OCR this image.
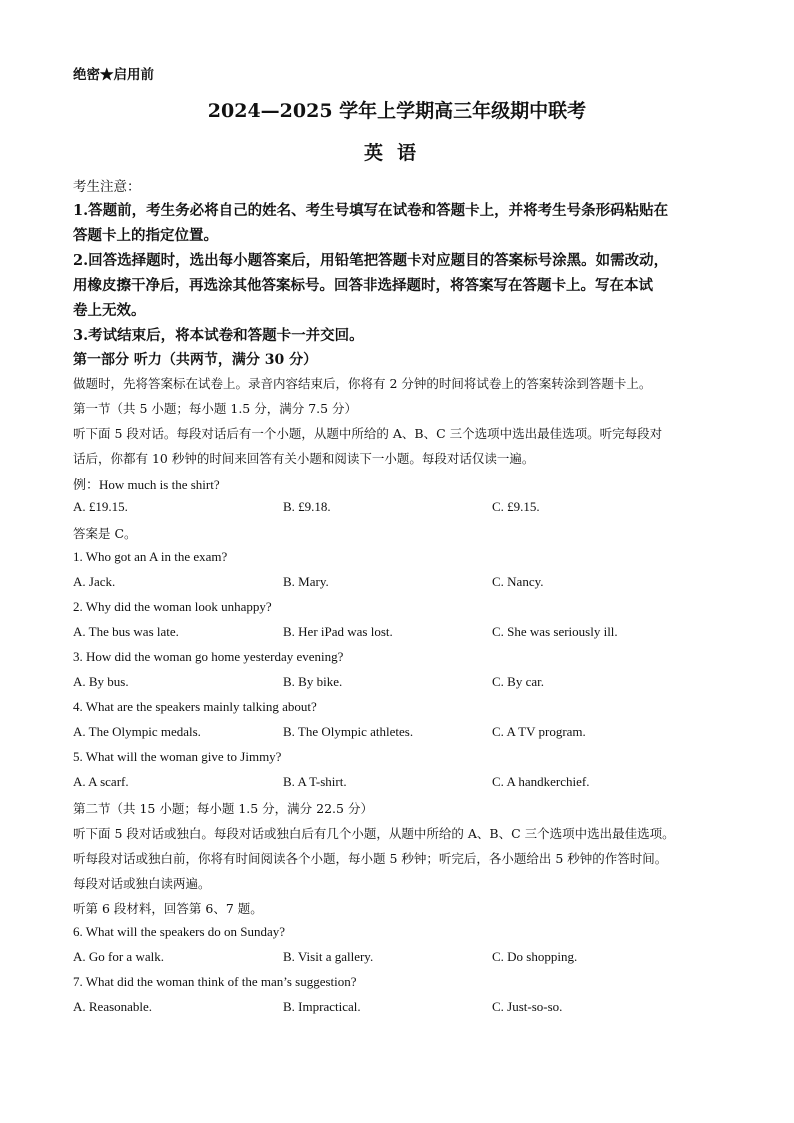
绝密★启用前
2024—2025 学年上学期高三年级期中联考
英语
考生注意：
1.答题前，考生务必将自己的姓名、考生号填写在试卷和答题卡上，并将考生号条形码粘贴在
答题卡上的指定位置。
2.回答选择题时，选出每小题答案后，用铅笔把答题卡对应题目的答案标号涂黑。如需改动，
用橡皮擦干净后，再选涂其他答案标号。回答非选择题时，将答案写在答题卡上。写在本试
卷上无效。
3.考试结束后，将本试卷和答题卡一并交回。
第一部分 听力（共两节，满分 30 分）
做题时，先将答案标在试卷上。录音内容结束后，你将有 2 分钟的时间将试卷上的答案转涂到答题卡上。
第一节（共 5 小题；每小题 1.5 分，满分 7.5 分）
听下面 5 段对话。每段对话后有一个小题，从题中所给的 A、B、C 三个选项中选出最佳选项。听完每段对
话后，你都有 10 秒钟的时间来回答有关小题和阅读下一小题。每段对话仅读一遍。
例：How much is the shirt?
A. £19.15.	B. £9.18.	C. £9.15.
答案是 C。
1. Who got an A in the exam?
A. Jack.	B. Mary.	C. Nancy.
2. Why did the woman look unhappy?
A. The bus was late.	B. Her iPad was lost.	C. She was seriously ill.
3. How did the woman go home yesterday evening?
A. By bus.	B. By bike.	C. By car.
4. What are the speakers mainly talking about?
A. The Olympic medals.	B. The Olympic athletes.	C. A TV program.
5. What will the woman give to Jimmy?
A. A scarf.	B. A T-shirt.	C. A handkerchief.
第二节（共 15 小题；每小题 1.5 分，满分 22.5 分）
听下面 5 段对话或独白。每段对话或独白后有几个小题，从题中所给的 A、B、C 三个选项中选出最佳选项。
听每段对话或独白前，你将有时间阅读各个小题，每小题 5 秒钟；听完后，各小题给出 5 秒钟的作答时间。
每段对话或独白读两遍。
听第 6 段材料，回答第 6、7 题。
6. What will the speakers do on Sunday?
A. Go for a walk.	B. Visit a gallery.	C. Do shopping.
7. What did the woman think of the man’s suggestion?
A. Reasonable.	B. Impractical.	C. Just-so-so.
